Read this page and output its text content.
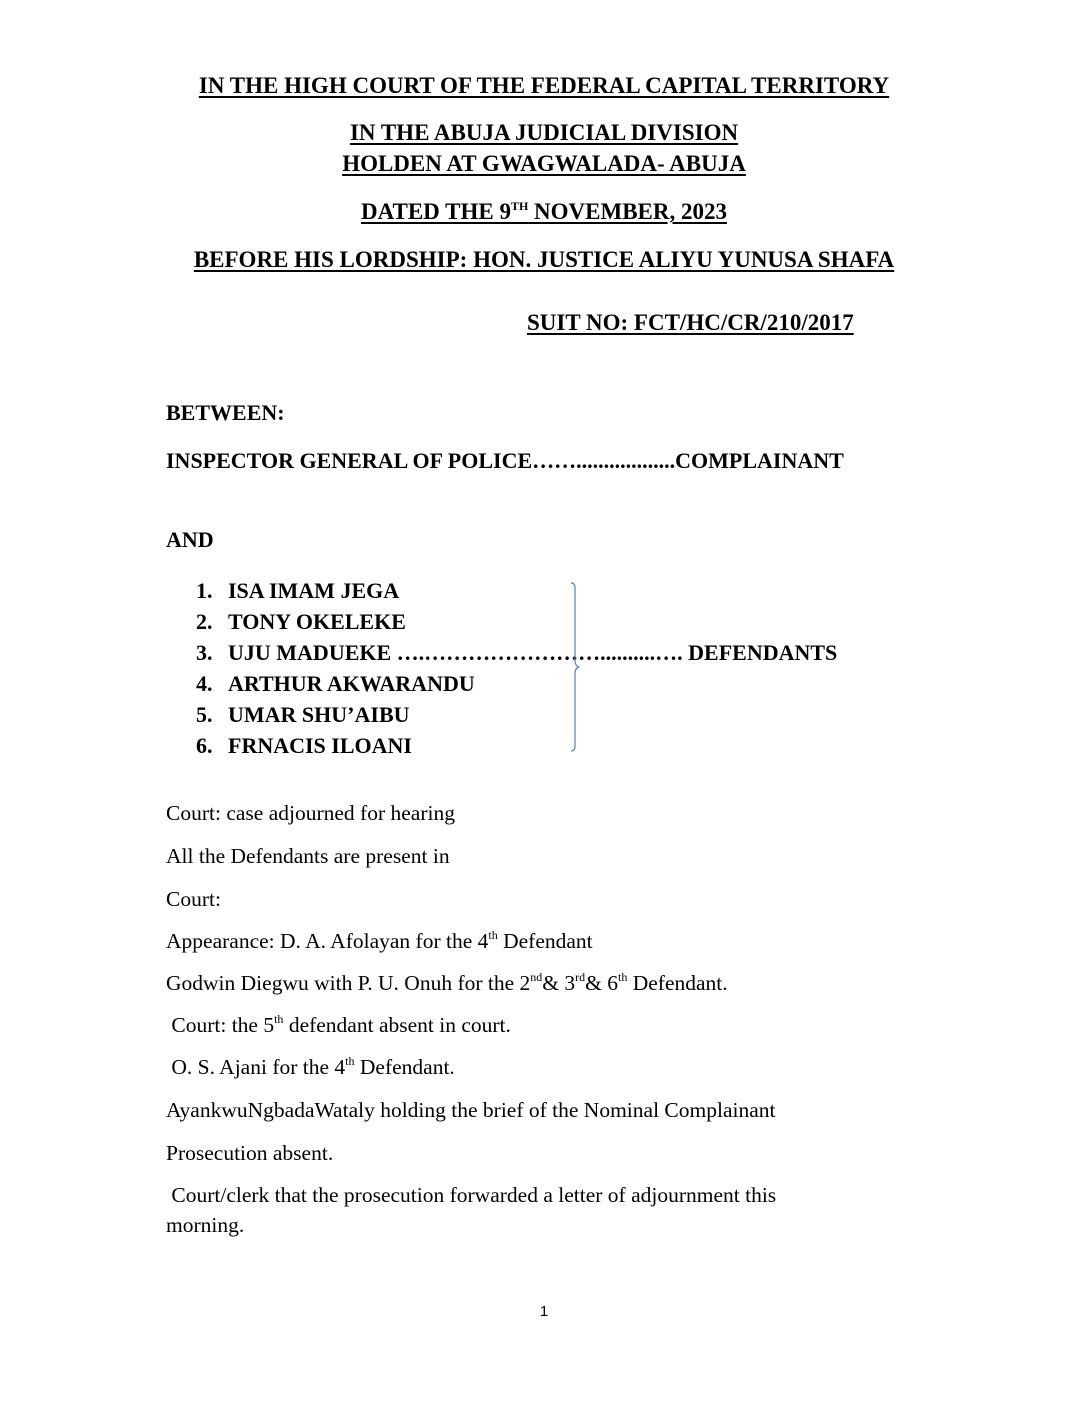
IN THE HIGH COURT OF THE FEDERAL CAPITAL TERRITORY
IN THE ABUJA JUDICIAL DIVISION
HOLDEN AT GWAGWALADA- ABUJA
DATED THE 9TH NOVEMBER, 2023
BEFORE HIS LORDSHIP: HON. JUSTICE ALIYU YUNUSA SHAFA
SUIT NO: FCT/HC/CR/210/2017
BETWEEN:
INSPECTOR GENERAL OF POLICE……..................COMPLAINANT
AND
1. ISA IMAM JEGA
2. TONY OKELEKE
3. UJU MADUEKE ….……………………..........…. DEFENDANTS
4. ARTHUR AKWARANDU
5. UMAR SHU’AIBU
6. FRNACIS ILOANI
Court: case adjourned for hearing
All the Defendants are present in
Court:
Appearance: D. A. Afolayan for the 4th Defendant
Godwin Diegwu with P. U. Onuh for the 2nd& 3rd& 6th Defendant.
Court: the 5th defendant absent in court.
O. S. Ajani for the 4th Defendant.
AyankwuNgbadaWataly holding the brief of the Nominal Complainant
Prosecution absent.
Court/clerk that the prosecution forwarded a letter of adjournment this
morning.
1
